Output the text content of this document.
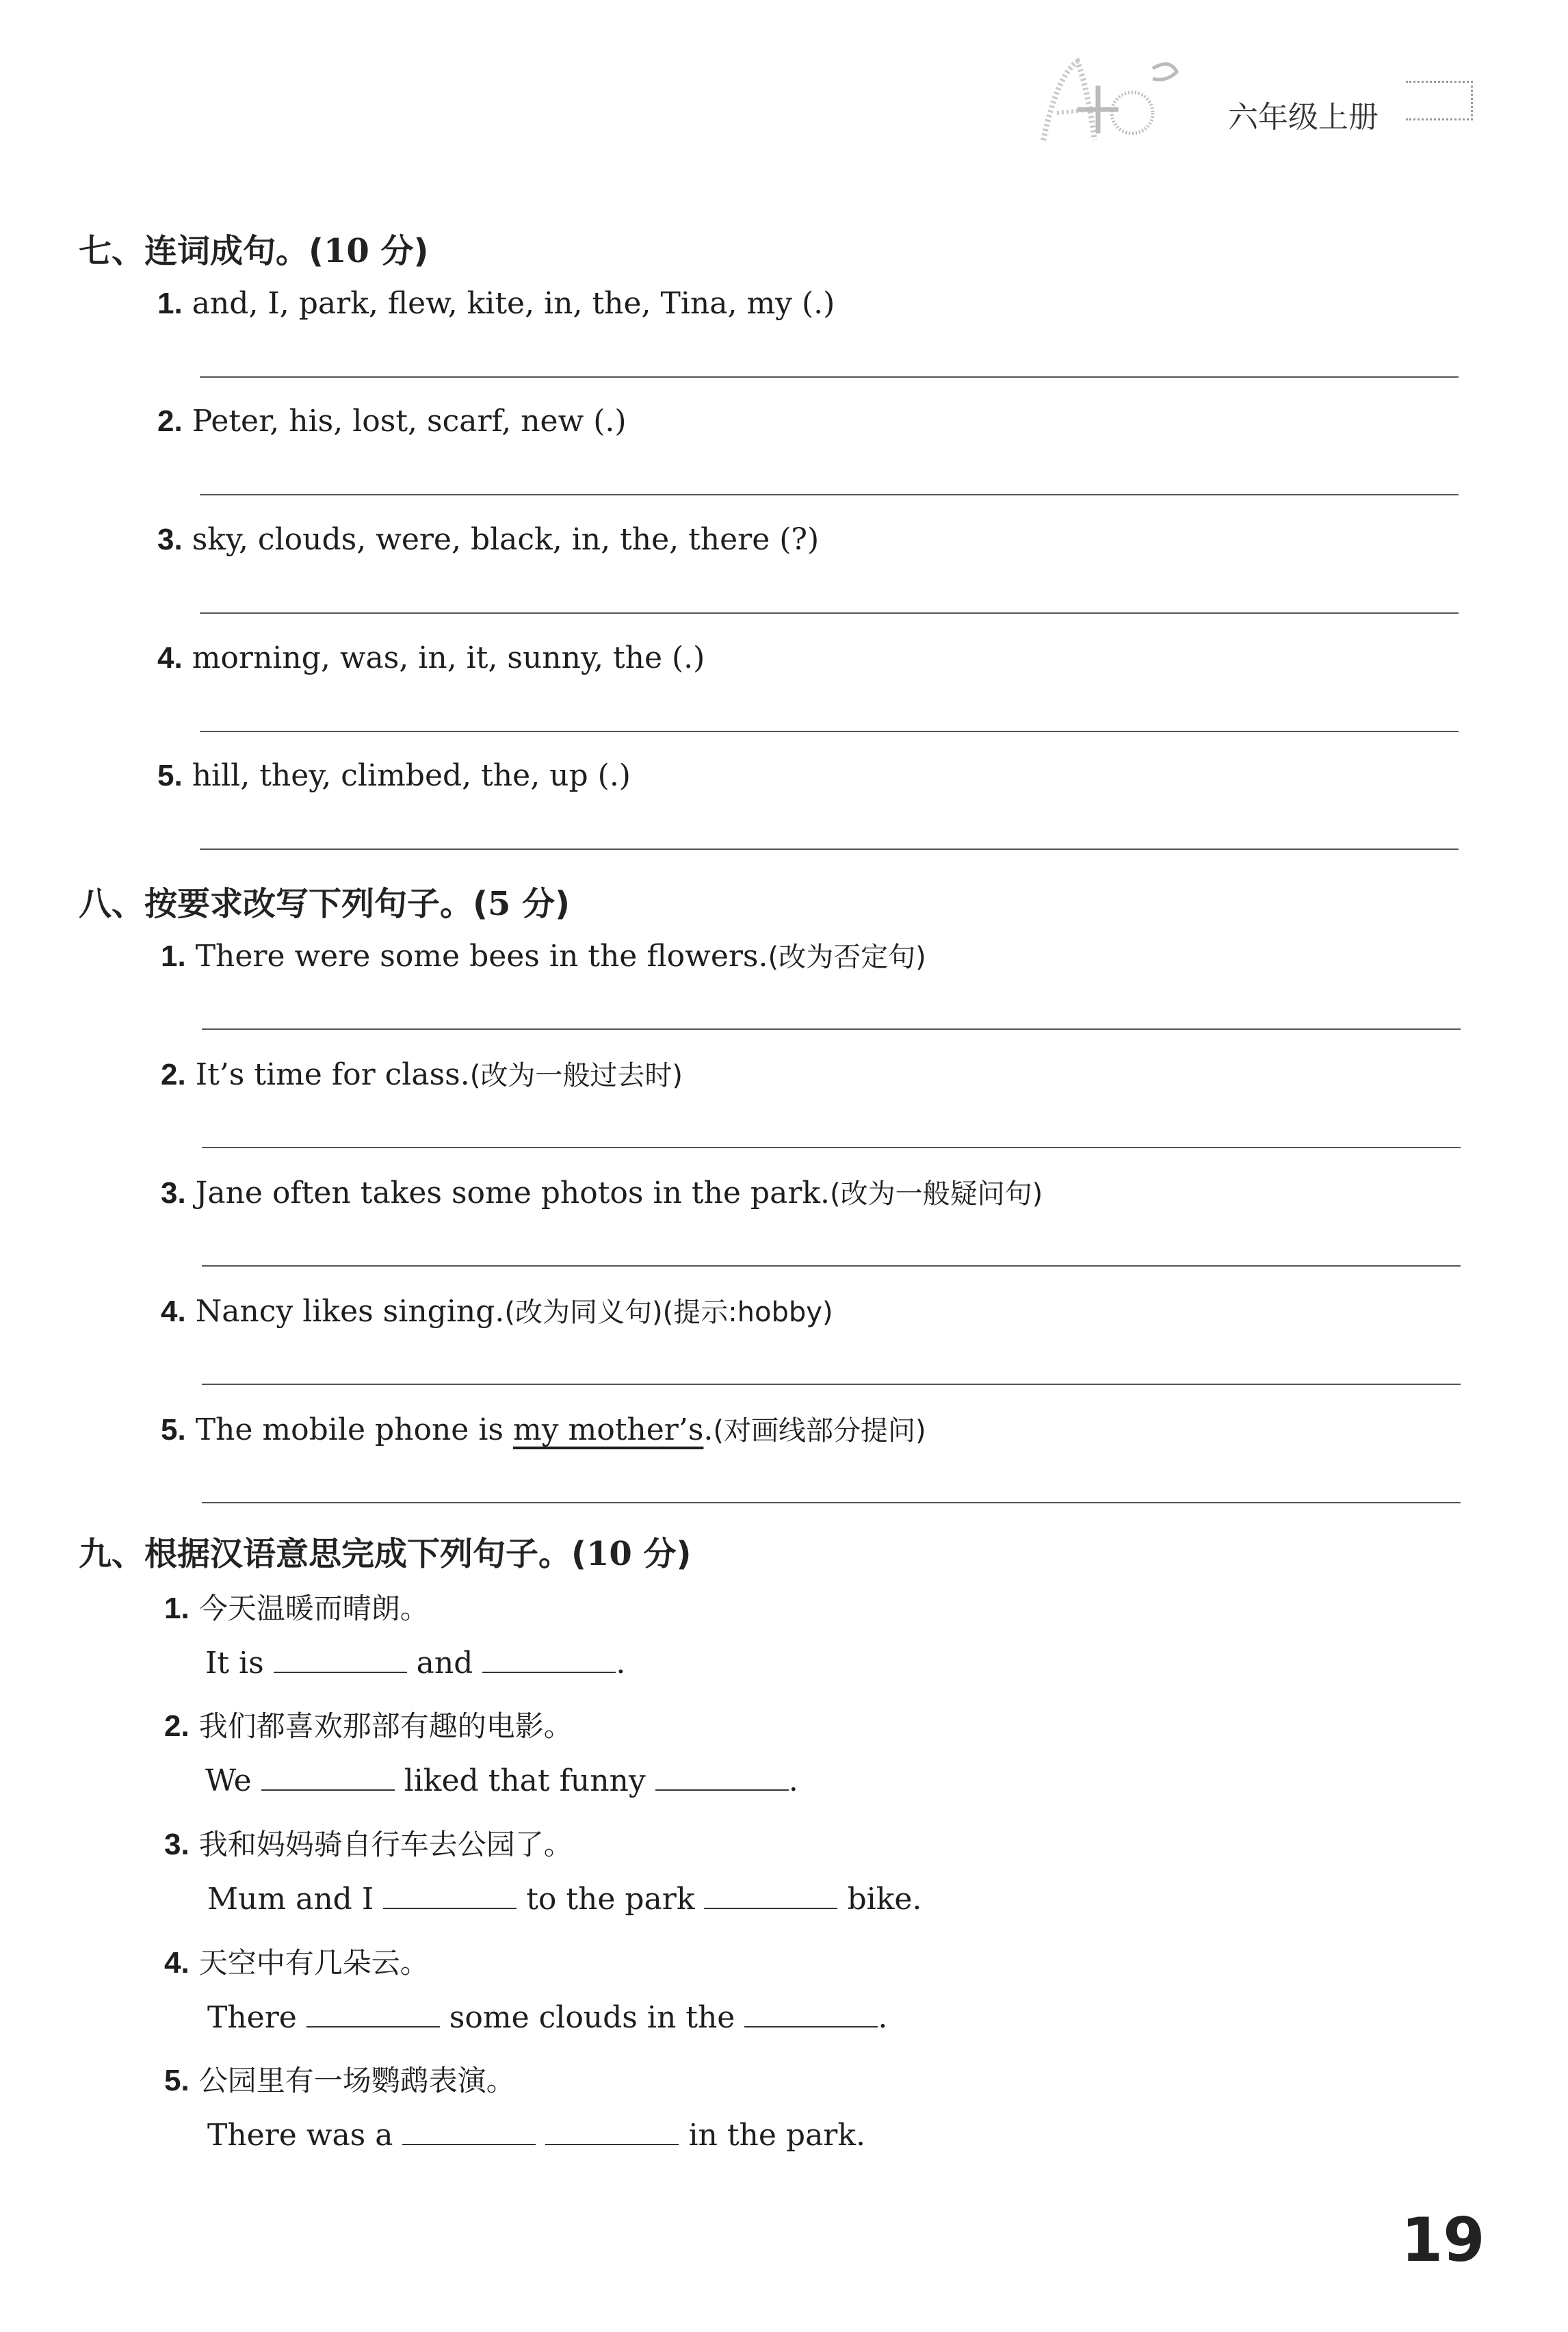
六年级上册
七、连词成句。(10 分)
1. and, I, park, flew, kite, in, the, Tina, my (.)
2. Peter, his, lost, scarf, new (.)
3. sky, clouds, were, black, in, the, there (?)
4. morning, was, in, it, sunny, the (.)
5. hill, they, climbed, the, up (.)
八、按要求改写下列句子。(5 分)
1. There were some bees in the flowers.(改为否定句)
2. It’s time for class.(改为一般过去时)
3. Jane often takes some photos in the park.(改为一般疑问句)
4. Nancy likes singing.(改为同义句)(提示:hobby)
5. The mobile phone is my mother’s.(对画线部分提问)
九、根据汉语意思完成下列句子。(10 分)
1. 今天温暖而晴朗。
It is	and	.
2. 我们都喜欢那部有趣的电影。
We	liked that funny	.
3. 我和妈妈骑自行车去公园了。
Mum and I	to the park	bike.
4. 天空中有几朵云。
There	some clouds in the	.
5. 公园里有一场鹦鹉表演。
There was a	in the park.
19
